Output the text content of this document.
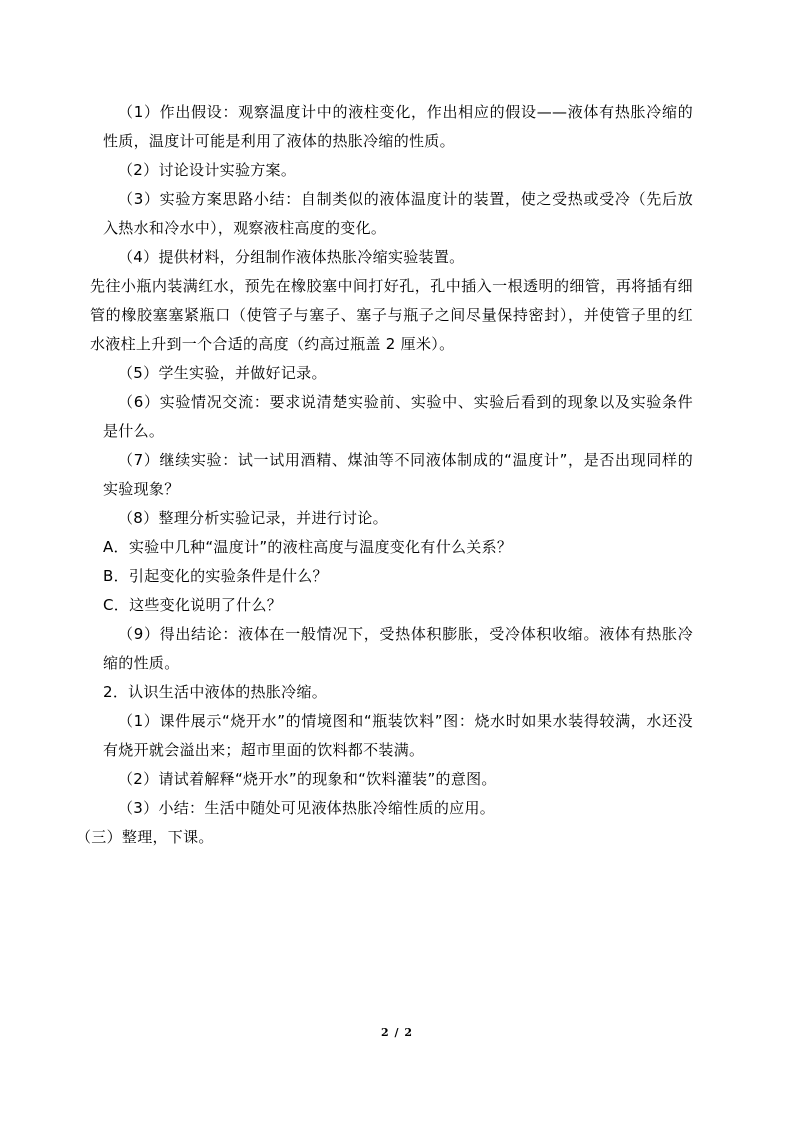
（1）作出假设：观察温度计中的液柱变化，作出相应的假设——液体有热胀冷缩的性质，温度计可能是利用了液体的热胀冷缩的性质。

（2）讨论设计实验方案。

（3）实验方案思路小结：自制类似的液体温度计的装置，使之受热或受冷（先后放入热水和冷水中），观察液柱高度的变化。

（4）提供材料，分组制作液体热胀冷缩实验装置。

先往小瓶内装满红水，预先在橡胶塞中间打好孔，孔中插入一根透明的细管，再将插有细管的橡胶塞塞紧瓶口（使管子与塞子、塞子与瓶子之间尽量保持密封），并使管子里的红水液柱上升到一个合适的高度（约高过瓶盖 2 厘米）。

（5）学生实验，并做好记录。

（6）实验情况交流：要求说清楚实验前、实验中、实验后看到的现象以及实验条件是什么。

（7）继续实验：试一试用酒精、煤油等不同液体制成的“温度计”，是否出现同样的实验现象？

（8）整理分析实验记录，并进行讨论。

A．实验中几种“温度计”的液柱高度与温度变化有什么关系？

B．引起变化的实验条件是什么？

C．这些变化说明了什么？

（9）得出结论：液体在一般情况下，受热体积膨胀，受冷体积收缩。液体有热胀冷缩的性质。

2．认识生活中液体的热胀冷缩。

（1）课件展示“烧开水”的情境图和“瓶装饮料”图：烧水时如果水装得较满，水还没有烧开就会溢出来；超市里面的饮料都不装满。

（2）请试着解释“烧开水”的现象和“饮料灌装”的意图。

（3）小结：生活中随处可见液体热胀冷缩性质的应用。

（三）整理，下课。

2 / 2
